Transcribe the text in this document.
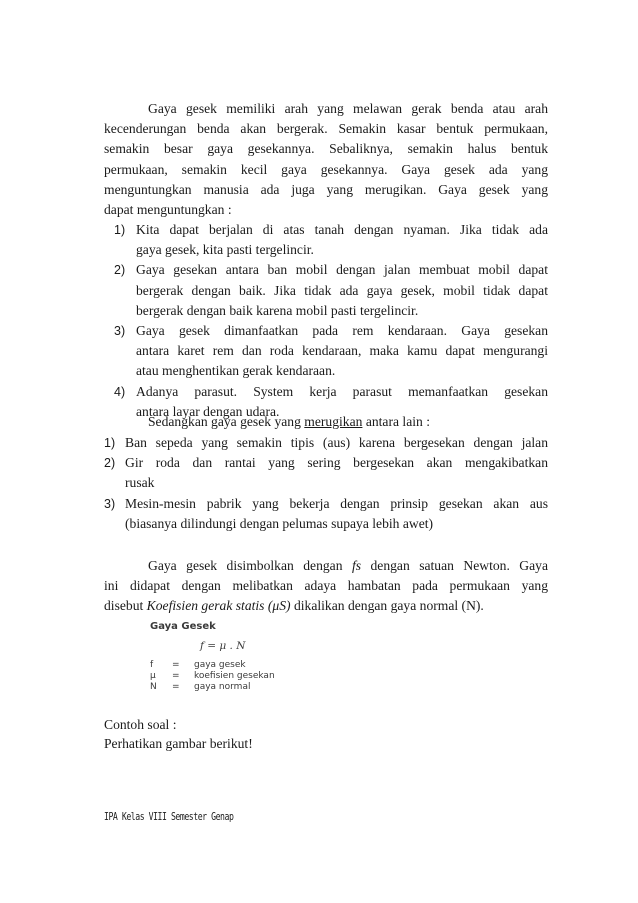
Gaya gesek memiliki arah yang melawan gerak benda atau arah

kecenderungan benda akan bergerak. Semakin kasar bentuk permukaan,

semakin besar gaya gesekannya. Sebaliknya, semakin halus bentuk

permukaan, semakin kecil gaya gesekannya. Gaya gesek ada yang

menguntungkan manusia ada juga yang merugikan. Gaya gesek yang

dapat menguntungkan :

1) Kita dapat berjalan di atas tanah dengan nyaman. Jika tidak ada

gaya gesek, kita pasti tergelincir.

2) Gaya gesekan antara ban mobil dengan jalan membuat mobil dapat

bergerak dengan baik. Jika tidak ada gaya gesek, mobil tidak dapat

bergerak dengan baik karena mobil pasti tergelincir.

3) Gaya gesek dimanfaatkan pada rem kendaraan. Gaya gesekan

antara karet rem dan roda kendaraan, maka kamu dapat mengurangi

atau menghentikan gerak kendaraan.

4) Adanya parasut. System kerja parasut memanfaatkan gesekan

antara layar dengan udara.

Sedangkan gaya gesek yang merugikan antara lain :
1) Ban sepeda yang semakin tipis (aus) karena bergesekan dengan jalan

2) Gir roda dan rantai yang sering bergesekan akan mengakibatkan

rusak

3) Mesin-mesin pabrik yang bekerja dengan prinsip gesekan akan aus

(biasanya dilindungi dengan pelumas supaya lebih awet)

Gaya gesek disimbolkan dengan fs dengan satuan Newton. Gaya

ini didapat dengan melibatkan adaya hambatan pada permukaan yang

disebut Koefisien gerak statis (μS) dikalikan dengan gaya normal (N).

Gaya Gesek
f = μ . N
f = gaya gesek
μ = koefisien gesekan
N = gaya normal
Contoh soal :
Perhatikan gambar berikut!
IPA Kelas VIII Semester Genap
